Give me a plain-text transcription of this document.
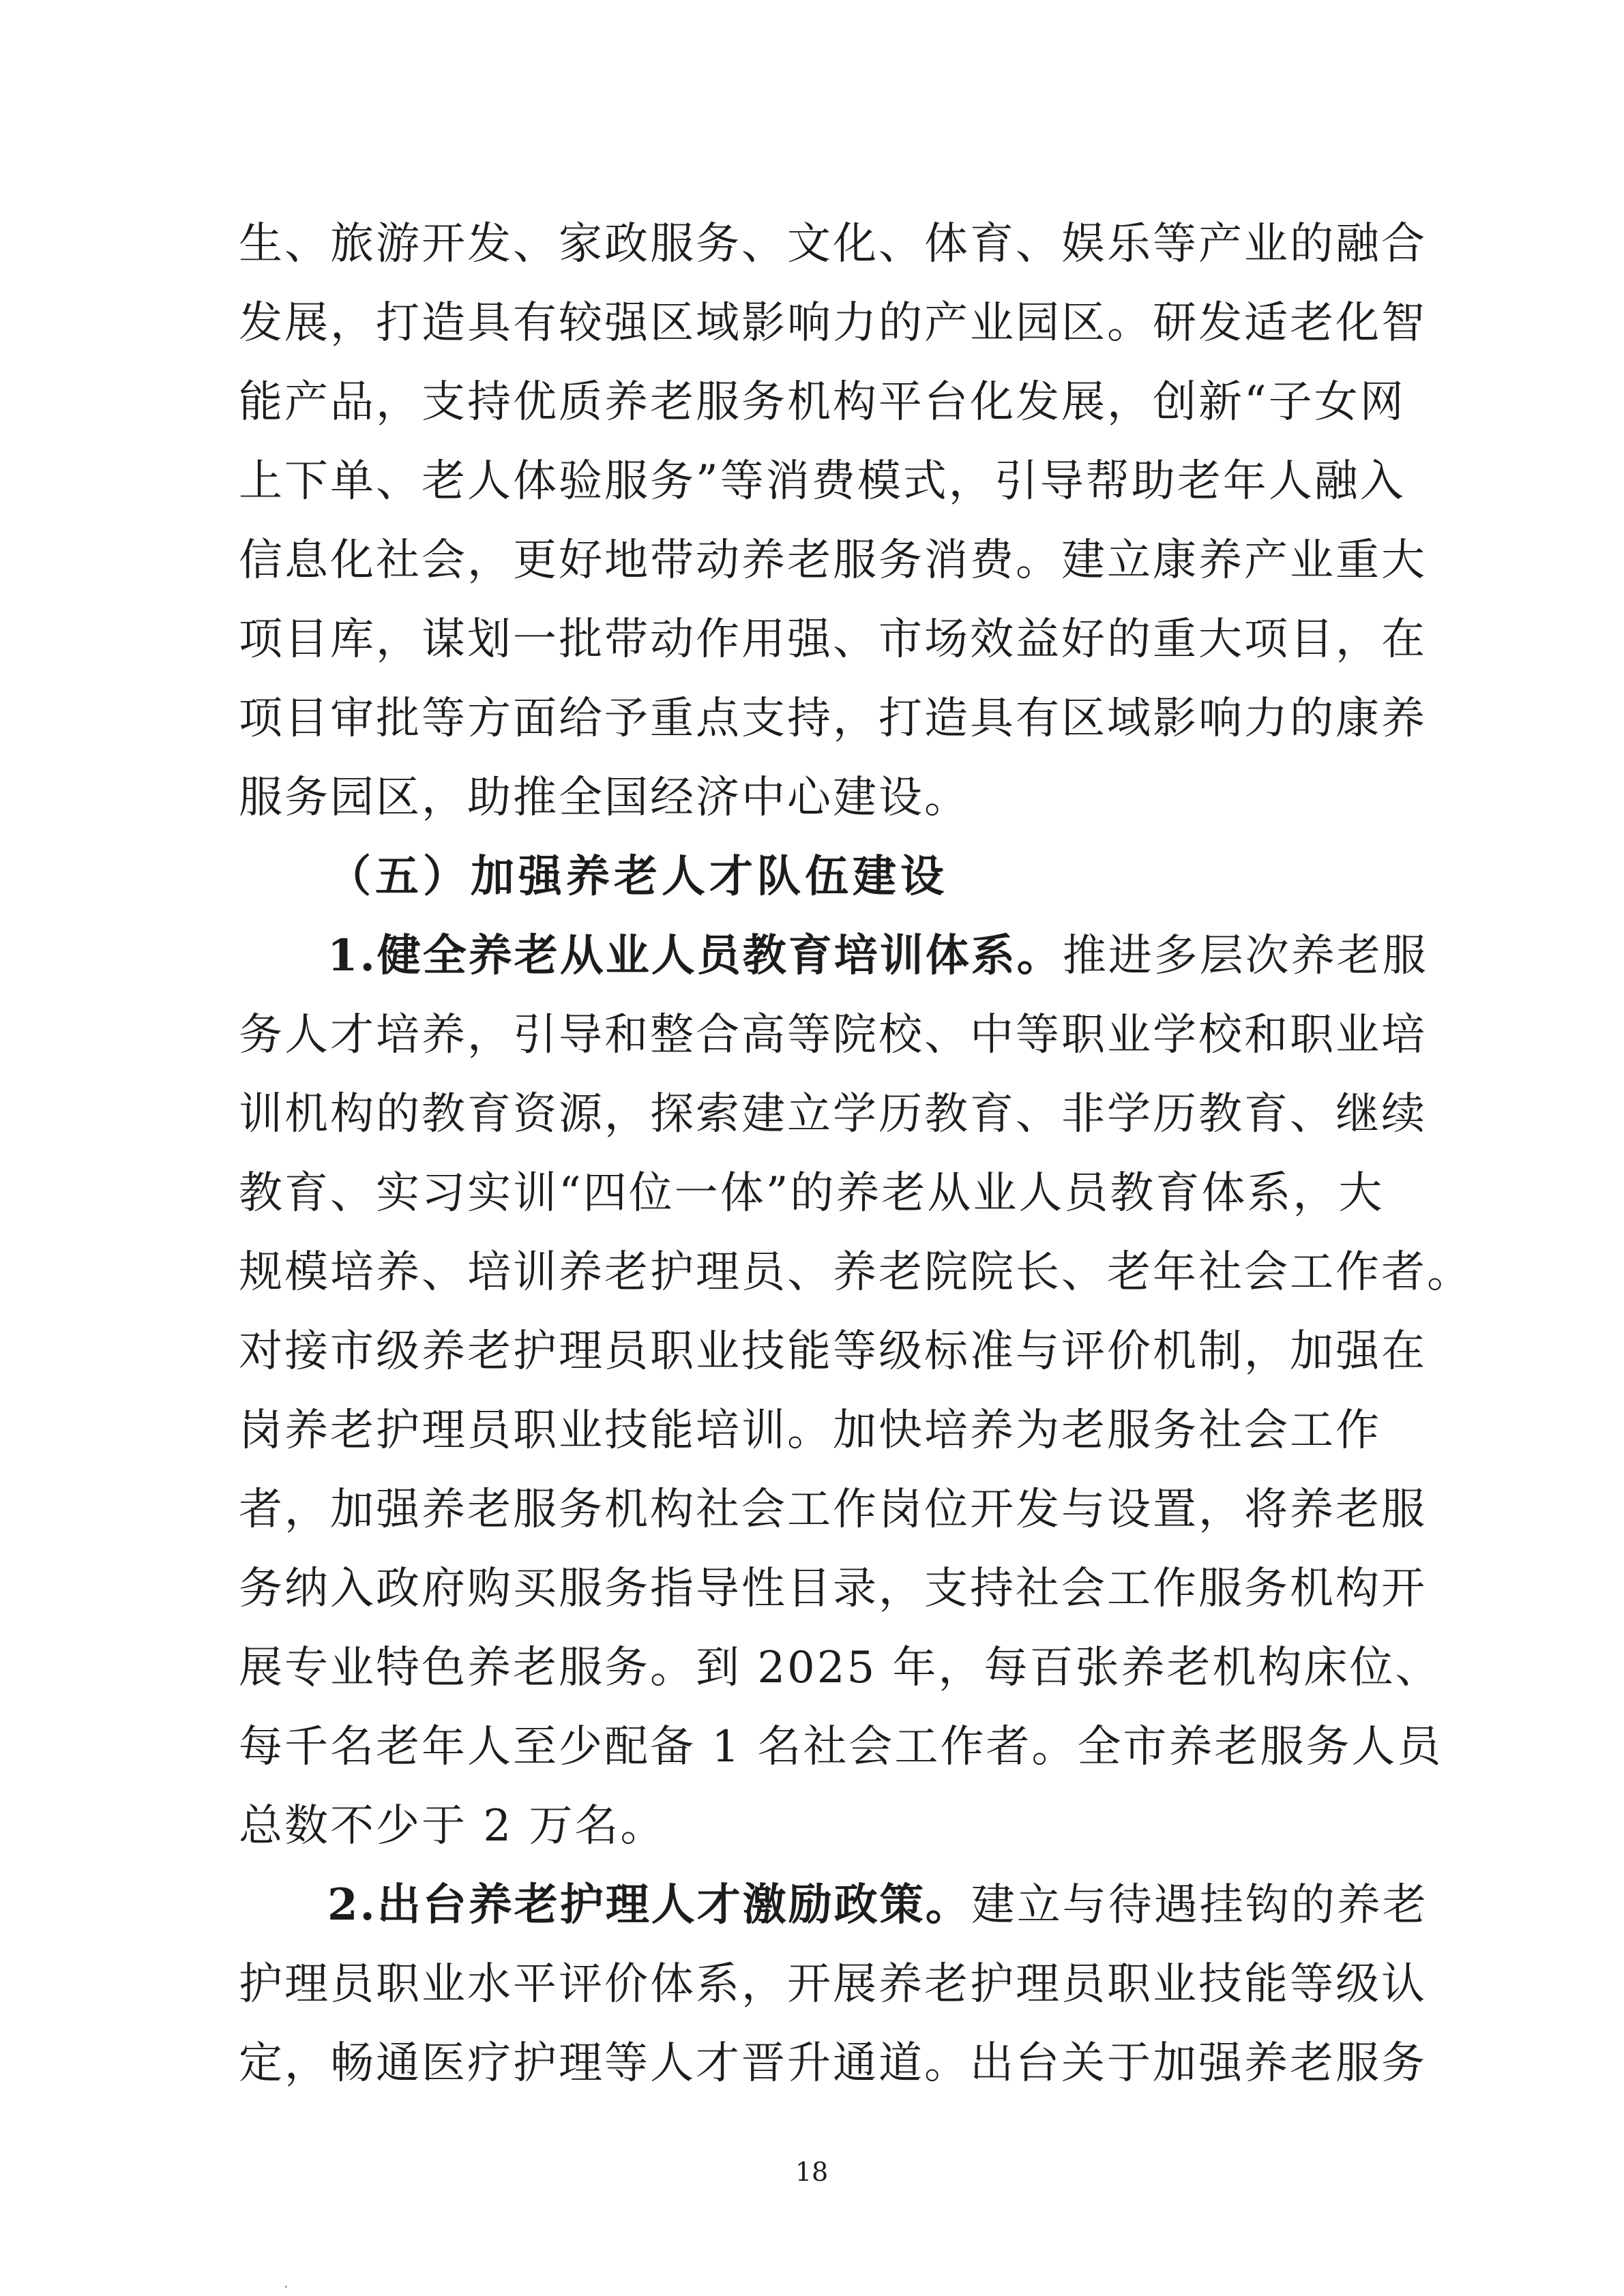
生、旅游开发、家政服务、文化、体育、娱乐等产业的融合
发展，打造具有较强区域影响力的产业园区。研发适老化智
能产品，支持优质养老服务机构平台化发展，创新“子女网
上下单、老人体验服务”等消费模式，引导帮助老年人融入
信息化社会，更好地带动养老服务消费。建立康养产业重大
项目库，谋划一批带动作用强、市场效益好的重大项目，在
项目审批等方面给予重点支持，打造具有区域影响力的康养
服务园区，助推全国经济中心建设。
（五）加强养老人才队伍建设
1.健全养老从业人员教育培训体系。推进多层次养老服
务人才培养，引导和整合高等院校、中等职业学校和职业培
训机构的教育资源，探索建立学历教育、非学历教育、继续
教育、实习实训“四位一体”的养老从业人员教育体系，大
规模培养、培训养老护理员、养老院院长、老年社会工作者。
对接市级养老护理员职业技能等级标准与评价机制，加强在
岗养老护理员职业技能培训。加快培养为老服务社会工作
者，加强养老服务机构社会工作岗位开发与设置，将养老服
务纳入政府购买服务指导性目录，支持社会工作服务机构开
展专业特色养老服务。到 2025 年，每百张养老机构床位、
每千名老年人至少配备 1 名社会工作者。全市养老服务人员
总数不少于 2 万名。
2.出台养老护理人才激励政策。建立与待遇挂钩的养老
护理员职业水平评价体系，开展养老护理员职业技能等级认
定，畅通医疗护理等人才晋升通道。出台关于加强养老服务
18
